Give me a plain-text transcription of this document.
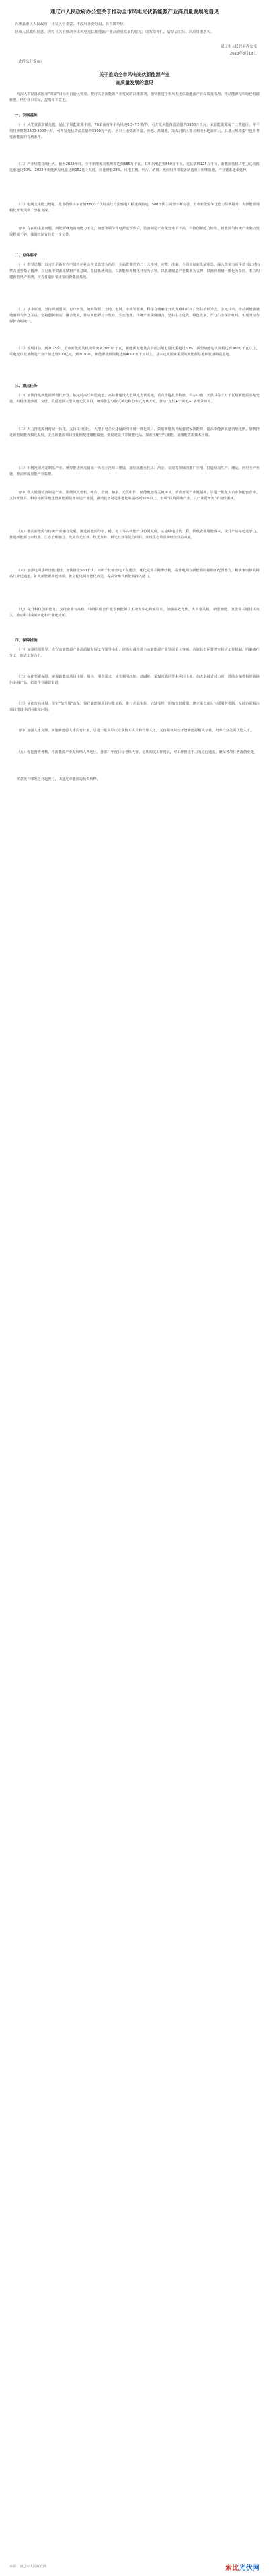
通辽市人民政府办公室关于推动全市风电光伏新能源产业高质量发展的意见
各旗县市区人民政府，开发区管委会，市政府各委办局，各直属单位：
经市人民政府同意，现将《关于推动全市风电光伏新能源产业高质量发展的意见》印发给你们，请结合实际，认真贯彻落实。
通辽市人民政府办公室
2023年3月18日
（此件公开发布）
关于推动全市风电光伏新能源产业
高质量发展的意见
为深入贯彻落实国家“双碳”目标和自治区党委、政府关于新能源产业发展的决策部署，加快推进全市风电光伏新能源产业高质量发展，推动能源结构绿色低碳转型，结合我市实际，提出如下意见。
一、发展基础
（一）风光资源禀赋优越。通辽市风能资源丰富，70米高度年平均风速6.5-7.5米/秒，可开发风能资源总量约3900万千瓦；太阳能资源属于二类地区，年平均日照时数2800-3000小时，可开发光伏资源总量约3300万千瓦。全市土地资源丰富，沙地、盐碱地、采煤沉陷区等未利用土地面积大，具备大规模集中连片开发新能源的有利条件。
（二）产业规模持续壮大。截至2022年底，全市新能源装机规模达到685万千瓦，其中风电装机560万千瓦、光伏装机125万千瓦，新能源装机占电力总装机比重超过50%。2022年新能源发电量达到152亿千瓦时，同比增长28%。风电主机、叶片、塔筒、光伏组件等装备制造项目相继落地，产业链条逐步延伸。
（三）电网支撑能力增强。扎鲁特至山东青州±800千伏特高压直流输电工程建成投运，500千伏主网架不断完善，全市新能源外送能力显著提升，为新能源规模化开发提供了坚强支撑。
（四）存在的主要问题。新能源就地消纳能力不足，储能等调节性电源建设滞后，装备制造产业配套水平不高，科技创新能力较弱，新能源与传统产业融合发展程度不够，体制机制有待进一步完善。
二、总体要求
（一）指导思想。以习近平新时代中国特色社会主义思想为指导，全面贯彻党的二十大精神，完整、准确、全面贯彻新发展理念，深入落实习近平总书记对内蒙古重要指示精神，立足我市资源禀赋和产业基础，坚持系统观念，以新能源规模化开发为引领，以装备制造产业集聚为支撑，以源网荷储一体化为路径，着力构建新型电力系统，全力打造国家重要的新能源基地。
（二）基本原则。坚持规划引领、有序开发，统筹资源、土地、电网、市场等要素，科学合理确定开发规模和时序；坚持消纳为先、多元并举，推动新能源就地消纳与外送并重；坚持创新驱动、融合发展，推动新能源与农牧业、生态治理、传统产业深度融合；坚持生态优先、绿色发展，严守生态保护红线，实现开发与保护协调统一。
（三）发展目标。到2025年，全市新能源装机规模突破2000万千瓦，新能源发电量占全社会用电量比重超过50%，新型储能装机规模达到300万千瓦以上，风电光伏装备制造产业产值达到200亿元。到2030年，新能源装机规模达到4000万千瓦以上，基本建成国家重要的新能源基地和装备制造基地。
三、重点任务
（一）加快推进新能源规模化开发。依托特高压外送通道，高标准建设大型风电光伏基地，重点推进扎鲁特旗、科左中旗、开鲁县等千万千瓦级新能源基地建设。积极推进沙漠、戈壁、荒漠地区大型风电光伏项目，统筹推进分散式风电和分布式光伏开发，推动“光伏+”“风电+”多场景应用。
（二）大力推进源网荷储一体化。支持工业园区、大型用电企业建设源网荷储一体化项目，鼓励新增负荷配套建设新能源，提高新能源就地消纳比例。加快推进新型储能规模化发展，支持新能源项目按比例配建储能设施，鼓励建设共享储能电站，探索压缩空气储能、氢储能等新技术应用。
（三）积极发展风光制氢产业。统筹推进风光制氢一体化示范项目建设，加快氢能在化工、冶金、交通等领域的推广应用，打造绿氢生产、储运、应用全产业链，推动形成氢能产业集群。
（四）做大做强装备制造产业。围绕风机整机、叶片、塔筒、轴承、光伏组件、储能电池等关键环节，精准开展产业链招商，引进一批龙头企业和配套企业。支持开鲁县、科尔沁区等地建设新能源装备制造产业园，推动装备制造本地化率提高到50%以上，形成“以资源换产业、以产业促开发”的良性循环。
（五）推动新能源与传统产业融合发展。推进新能源与铝、硅、化工等高载能产业协同发展，实施绿电替代工程，降低企业用能成本，提升产品绿色竞争力。推进新能源与农牧业、生态治理融合，发展农光互补、牧光互补、林光互补等复合项目，实现生态效益和经济效益双赢。
（六）加强电网基础设施建设。加快推进500千伏、220千伏输变电工程建设，优化完善主网架结构，提升电网对新能源的接纳和配置能力。积极争取新的特高压外送通道，扩大新能源外送规模。推进配电网智能化改造，提高分布式新能源接入能力。
（七）提升科技创新能力。支持企业与高校、科研院所合作建设新能源技术研发中心和实验室，加强高效光伏、大容量风机、新型储能、氢能等关键技术攻关，推动科技成果转化和产业化应用。
四、保障措施
（一）加强组织领导。成立市新能源产业高质量发展工作领导小组，统筹协调推进全市新能源产业发展重大事项。各旗县市区要建立相应工作机制，明确责任分工，形成工作合力。
（二）强化要素保障。统筹新能源项目用地、用林、用草需求，优先利用沙地、盐碱地、采煤沉陷区等未利用土地。加大金融支持力度，鼓励金融机构创新绿色金融产品，拓宽企业融资渠道。
（三）优化营商环境。深化“放管服”改革，简化新能源项目审批流程，推行并联审批、容缺受理，压缩审批时限。建立重点项目包联服务机制，及时协调解决项目建设中的困难和问题。
（四）加强人才支撑。实施新能源人才引育计划，引进一批高层次专业技术人才和管理人才，支持职业院校开设新能源相关专业，培养产业急需技能人才。
（五）强化督查考核。将新能源产业发展纳入各地区、各部门年度目标考核内容，定期调度工作进展，对工作推进不力的进行通报，确保各项任务落到实处。
本意见自印发之日起施行，由通辽市能源局负责解释。
来源：通辽市人民政府网	索比光伏网
